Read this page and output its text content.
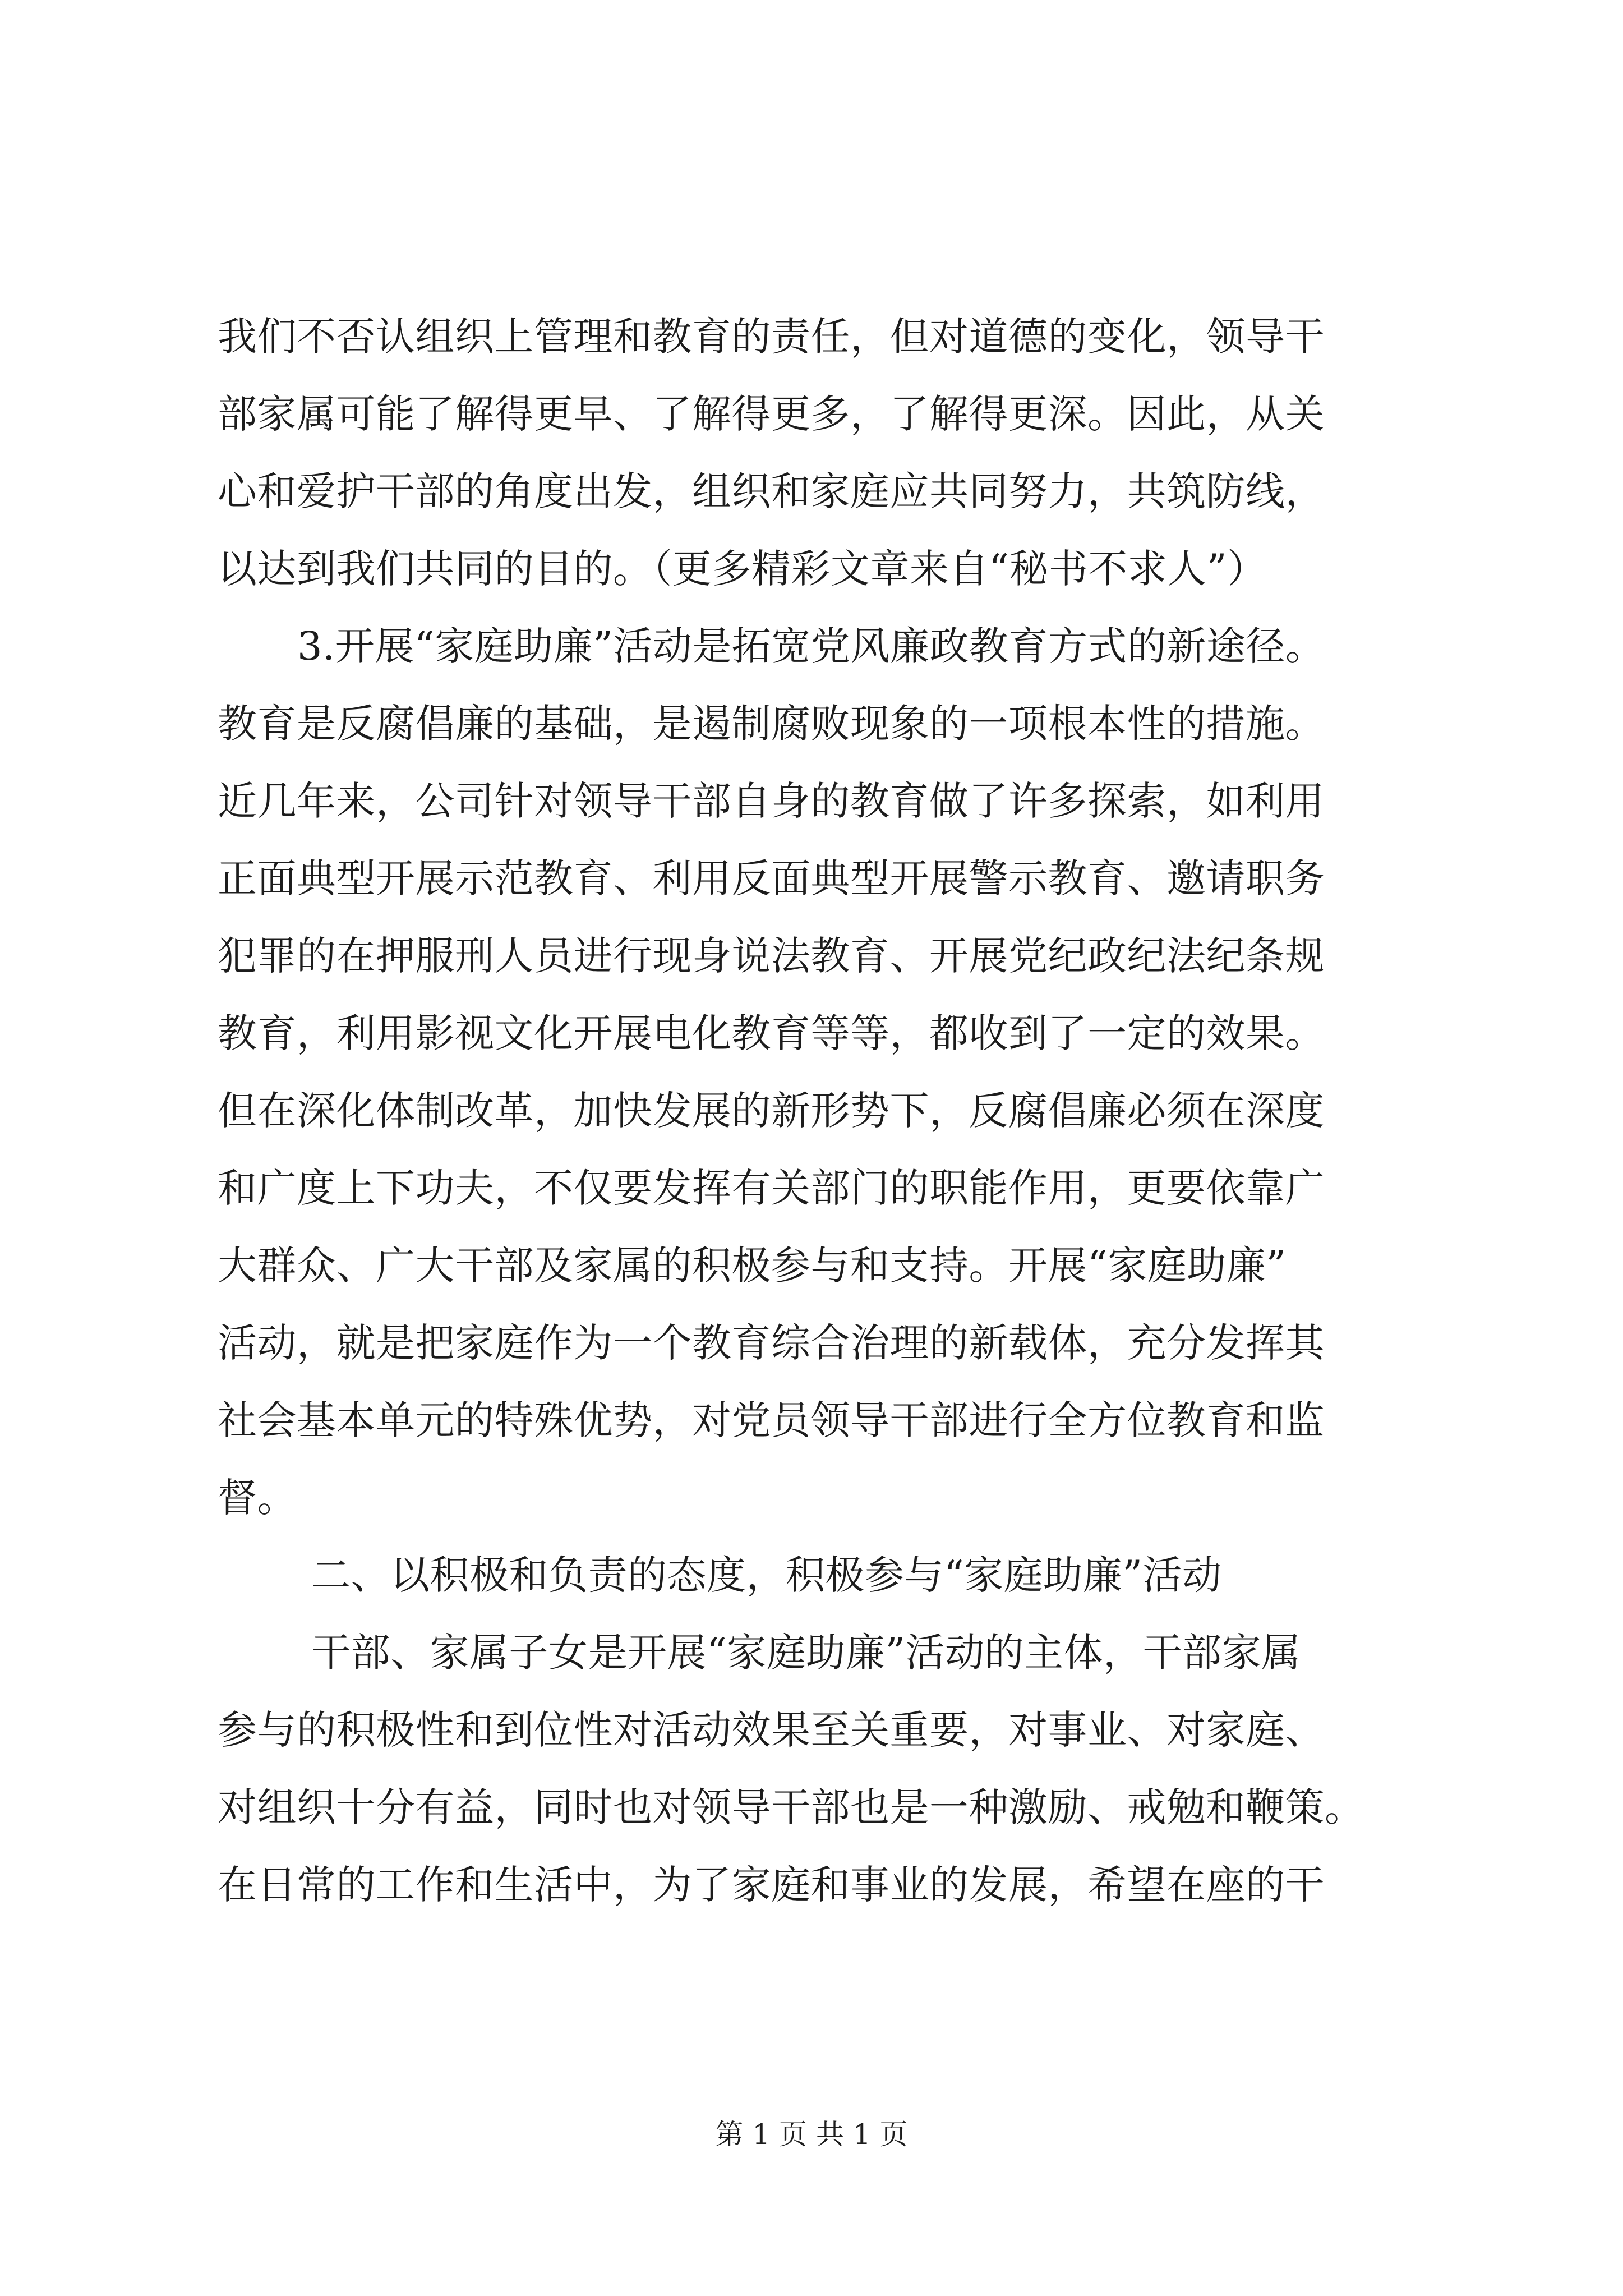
我们不否认组织上管理和教育的责任，但对道德的变化，领导干
部家属可能了解得更早、了解得更多，了解得更深。因此，从关
心和爱护干部的角度出发，组织和家庭应共同努力，共筑防线，
以达到我们共同的目的。（更多精彩文章来自“秘书不求人”）
3.开展“家庭助廉”活动是拓宽党风廉政教育方式的新途径。
教育是反腐倡廉的基础，是遏制腐败现象的一项根本性的措施。
近几年来，公司针对领导干部自身的教育做了许多探索，如利用
正面典型开展示范教育、利用反面典型开展警示教育、邀请职务
犯罪的在押服刑人员进行现身说法教育、开展党纪政纪法纪条规
教育，利用影视文化开展电化教育等等，都收到了一定的效果。
但在深化体制改革，加快发展的新形势下，反腐倡廉必须在深度
和广度上下功夫，不仅要发挥有关部门的职能作用，更要依靠广
大群众、广大干部及家属的积极参与和支持。开展“家庭助廉”
活动，就是把家庭作为一个教育综合治理的新载体，充分发挥其
社会基本单元的特殊优势，对党员领导干部进行全方位教育和监
督。
二、以积极和负责的态度，积极参与“家庭助廉”活动
干部、家属子女是开展“家庭助廉”活动的主体，干部家属
参与的积极性和到位性对活动效果至关重要，对事业、对家庭、
对组织十分有益，同时也对领导干部也是一种激励、戒勉和鞭策。
在日常的工作和生活中，为了家庭和事业的发展，希望在座的干
第 1 页 共 1 页
